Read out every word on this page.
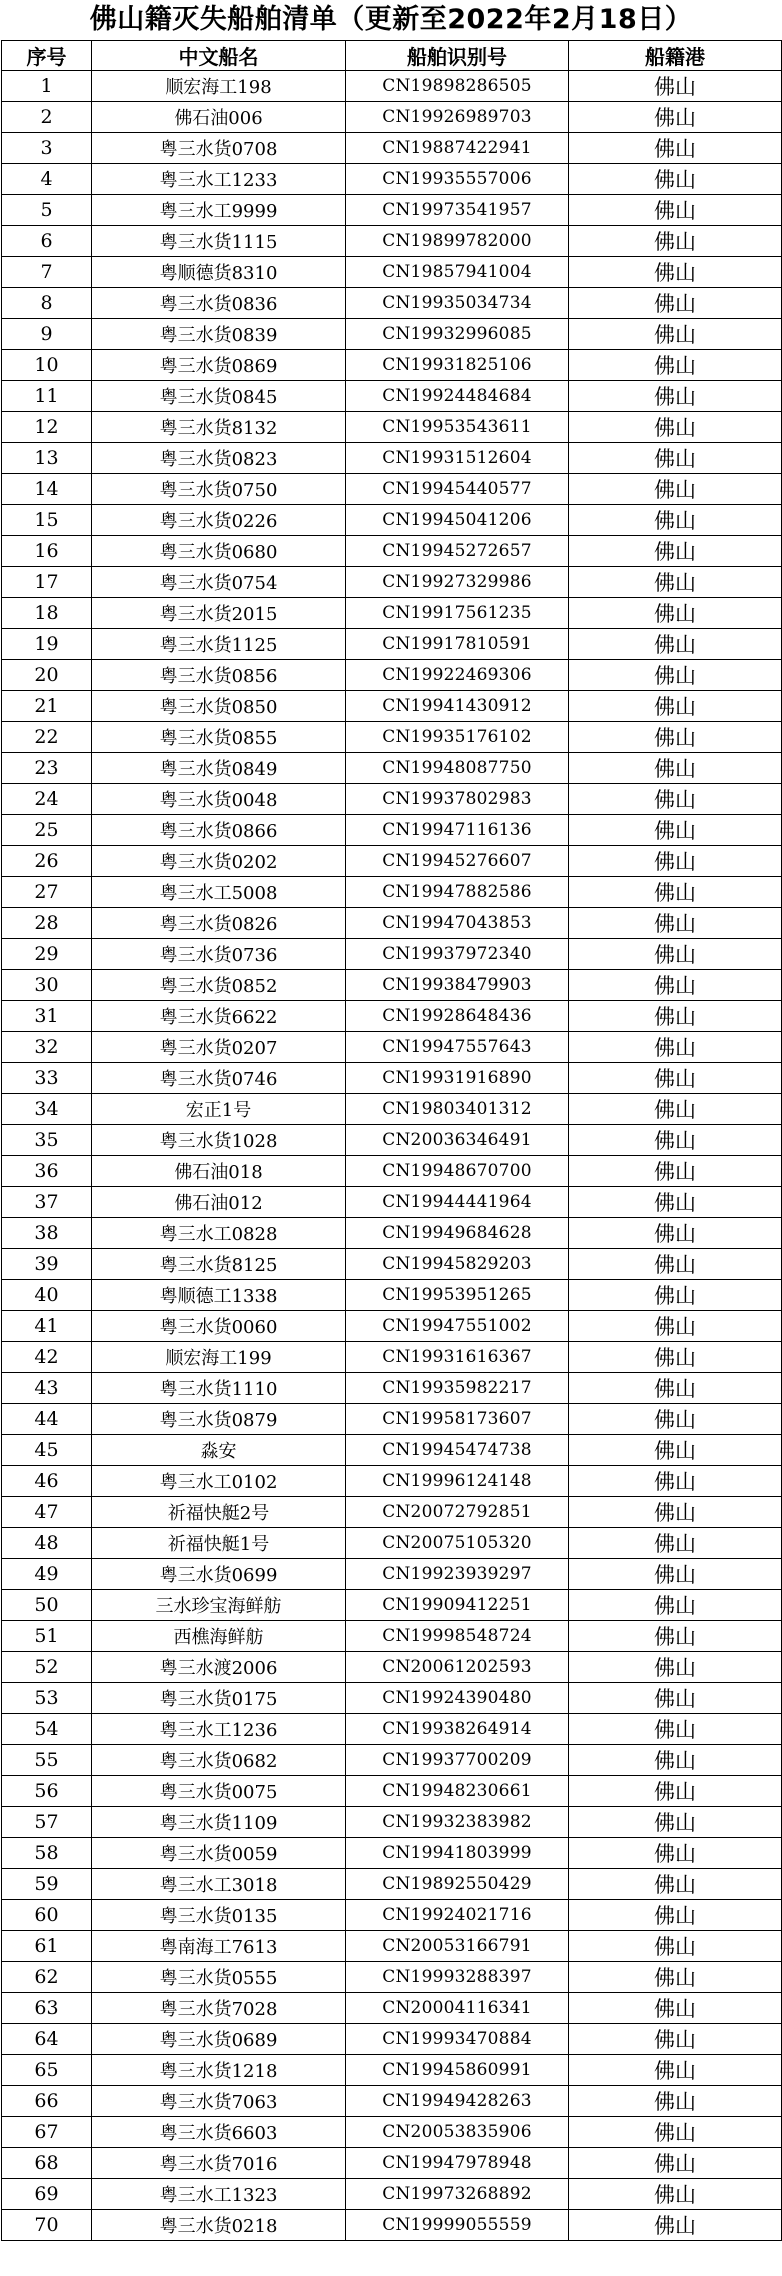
佛山籍灭失船舶清单（更新至2022年2月18日）
序号	中文船名	船舶识别号	船籍港
1	顺宏海工198	CN19898286505	佛山
2	佛石油006	CN19926989703	佛山
3	粤三水货0708	CN19887422941	佛山
4	粤三水工1233	CN19935557006	佛山
5	粤三水工9999	CN19973541957	佛山
6	粤三水货1115	CN19899782000	佛山
7	粤顺德货8310	CN19857941004	佛山
8	粤三水货0836	CN19935034734	佛山
9	粤三水货0839	CN19932996085	佛山
10	粤三水货0869	CN19931825106	佛山
11	粤三水货0845	CN19924484684	佛山
12	粤三水货8132	CN19953543611	佛山
13	粤三水货0823	CN19931512604	佛山
14	粤三水货0750	CN19945440577	佛山
15	粤三水货0226	CN19945041206	佛山
16	粤三水货0680	CN19945272657	佛山
17	粤三水货0754	CN19927329986	佛山
18	粤三水货2015	CN19917561235	佛山
19	粤三水货1125	CN19917810591	佛山
20	粤三水货0856	CN19922469306	佛山
21	粤三水货0850	CN19941430912	佛山
22	粤三水货0855	CN19935176102	佛山
23	粤三水货0849	CN19948087750	佛山
24	粤三水货0048	CN19937802983	佛山
25	粤三水货0866	CN19947116136	佛山
26	粤三水货0202	CN19945276607	佛山
27	粤三水工5008	CN19947882586	佛山
28	粤三水货0826	CN19947043853	佛山
29	粤三水货0736	CN19937972340	佛山
30	粤三水货0852	CN19938479903	佛山
31	粤三水货6622	CN19928648436	佛山
32	粤三水货0207	CN19947557643	佛山
33	粤三水货0746	CN19931916890	佛山
34	宏正1号	CN19803401312	佛山
35	粤三水货1028	CN20036346491	佛山
36	佛石油018	CN19948670700	佛山
37	佛石油012	CN19944441964	佛山
38	粤三水工0828	CN19949684628	佛山
39	粤三水货8125	CN19945829203	佛山
40	粤顺德工1338	CN19953951265	佛山
41	粤三水货0060	CN19947551002	佛山
42	顺宏海工199	CN19931616367	佛山
43	粤三水货1110	CN19935982217	佛山
44	粤三水货0879	CN19958173607	佛山
45	淼安	CN19945474738	佛山
46	粤三水工0102	CN19996124148	佛山
47	祈福快艇2号	CN20072792851	佛山
48	祈福快艇1号	CN20075105320	佛山
49	粤三水货0699	CN19923939297	佛山
50	三水珍宝海鲜舫	CN19909412251	佛山
51	西樵海鲜舫	CN19998548724	佛山
52	粤三水渡2006	CN20061202593	佛山
53	粤三水货0175	CN19924390480	佛山
54	粤三水工1236	CN19938264914	佛山
55	粤三水货0682	CN19937700209	佛山
56	粤三水货0075	CN19948230661	佛山
57	粤三水货1109	CN19932383982	佛山
58	粤三水货0059	CN19941803999	佛山
59	粤三水工3018	CN19892550429	佛山
60	粤三水货0135	CN19924021716	佛山
61	粤南海工7613	CN20053166791	佛山
62	粤三水货0555	CN19993288397	佛山
63	粤三水货7028	CN20004116341	佛山
64	粤三水货0689	CN19993470884	佛山
65	粤三水货1218	CN19945860991	佛山
66	粤三水货7063	CN19949428263	佛山
67	粤三水货6603	CN20053835906	佛山
68	粤三水货7016	CN19947978948	佛山
69	粤三水工1323	CN19973268892	佛山
70	粤三水货0218	CN19999055559	佛山
